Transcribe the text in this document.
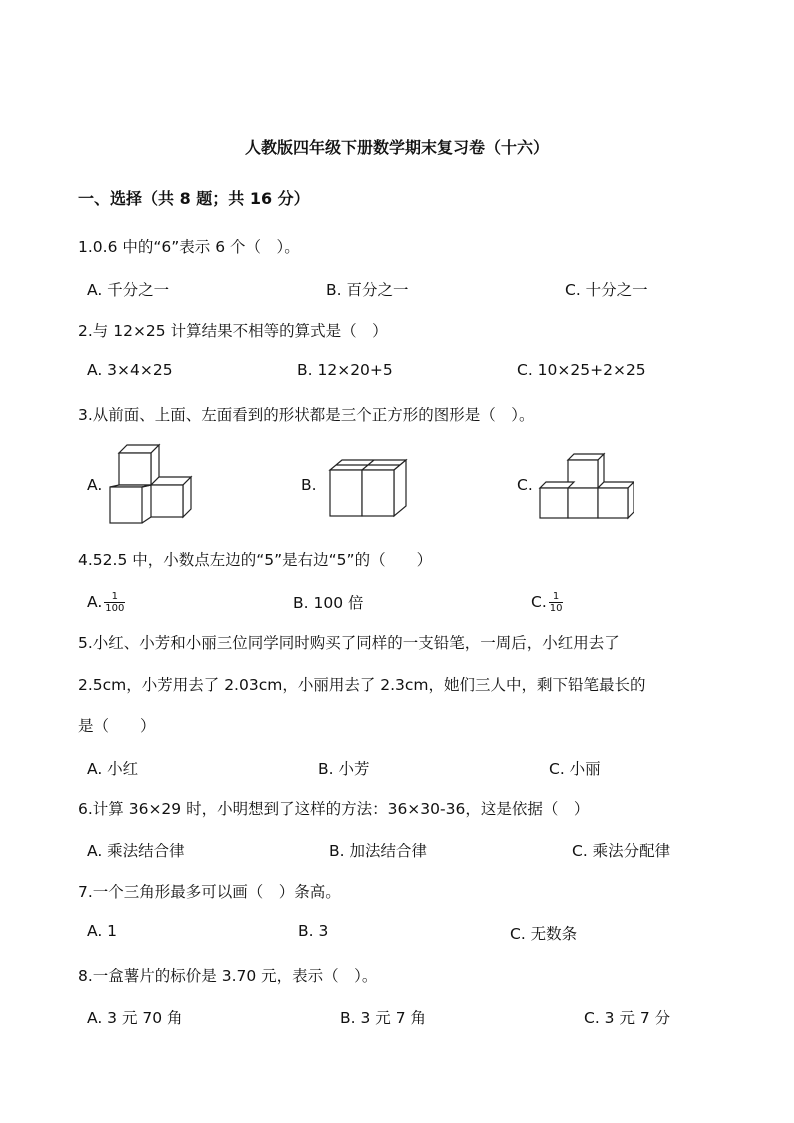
人教版四年级下册数学期末复习卷（十六）
一、选择（共 8 题；共 16 分）
1.0.6 中的“6”表示 6 个（　）。
A. 千分之一	B. 百分之一	C. 十分之一
2.与 12×25 计算结果不相等的算式是（　）
A. 3×4×25	B. 12×20+5	C. 10×25+2×25
3.从前面、上面、左面看到的形状都是三个正方形的图形是（　）。
A.	B.	C.
4.52.5 中，小数点左边的“5”是右边“5”的（　　）
A. $\frac{1}{100}$	B. 100 倍	C. $\frac{1}{10}$
5.小红、小芳和小丽三位同学同时购买了同样的一支铅笔，一周后，小红用去了
2.5cm，小芳用去了 2.03cm，小丽用去了 2.3cm，她们三人中，剩下铅笔最长的
是（　　）
A. 小红	B. 小芳	C. 小丽
6.计算 36×29 时，小明想到了这样的方法：36×30-36，这是依据（　）
A. 乘法结合律	B. 加法结合律	C. 乘法分配律
7.一个三角形最多可以画（　）条高。
A. 1	B. 3	C. 无数条
8.一盒薯片的标价是 3.70 元，表示（　）。
A. 3 元 70 角	B. 3 元 7 角	C. 3 元 7 分
